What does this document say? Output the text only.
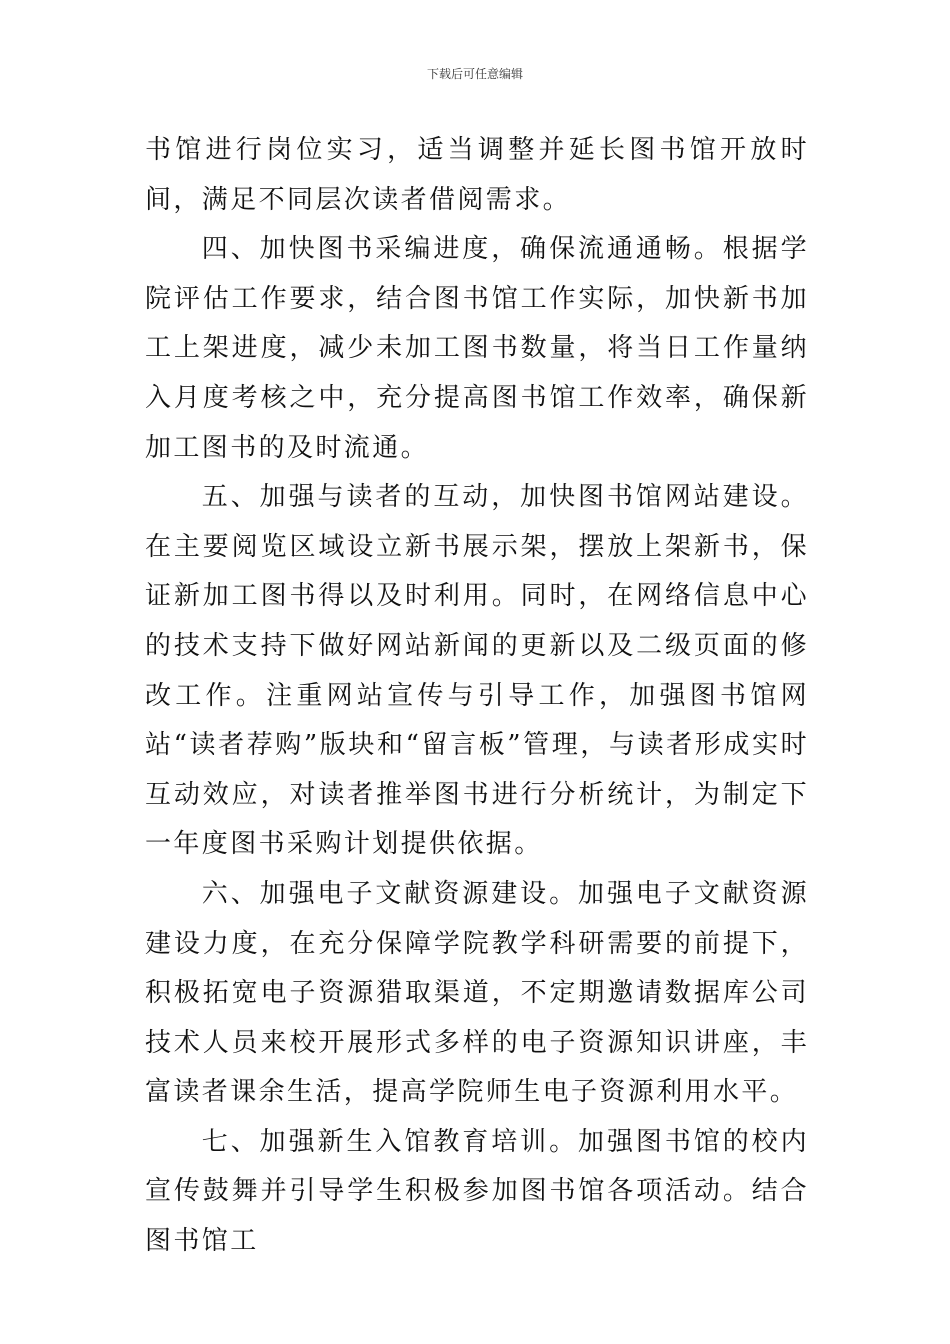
下载后可任意编辑

书馆进行岗位实习，适当调整并延长图书馆开放时间，满足不同层次读者借阅需求。

四、加快图书采编进度，确保流通通畅。根据学院评估工作要求，结合图书馆工作实际，加快新书加工上架进度，减少未加工图书数量，将当日工作量纳入月度考核之中，充分提高图书馆工作效率，确保新加工图书的及时流通。

五、加强与读者的互动，加快图书馆网站建设。在主要阅览区域设立新书展示架，摆放上架新书，保证新加工图书得以及时利用。同时，在网络信息中心的技术支持下做好网站新闻的更新以及二级页面的修改工作。注重网站宣传与引导工作，加强图书馆网站“读者荐购”版块和“留言板”管理，与读者形成实时互动效应，对读者推举图书进行分析统计，为制定下一年度图书采购计划提供依据。

六、加强电子文献资源建设。加强电子文献资源建设力度，在充分保障学院教学科研需要的前提下，积极拓宽电子资源猎取渠道，不定期邀请数据库公司技术人员来校开展形式多样的电子资源知识讲座，丰富读者课余生活，提高学院师生电子资源利用水平。

七、加强新生入馆教育培训。加强图书馆的校内宣传鼓舞并引导学生积极参加图书馆各项活动。结合图书馆工
